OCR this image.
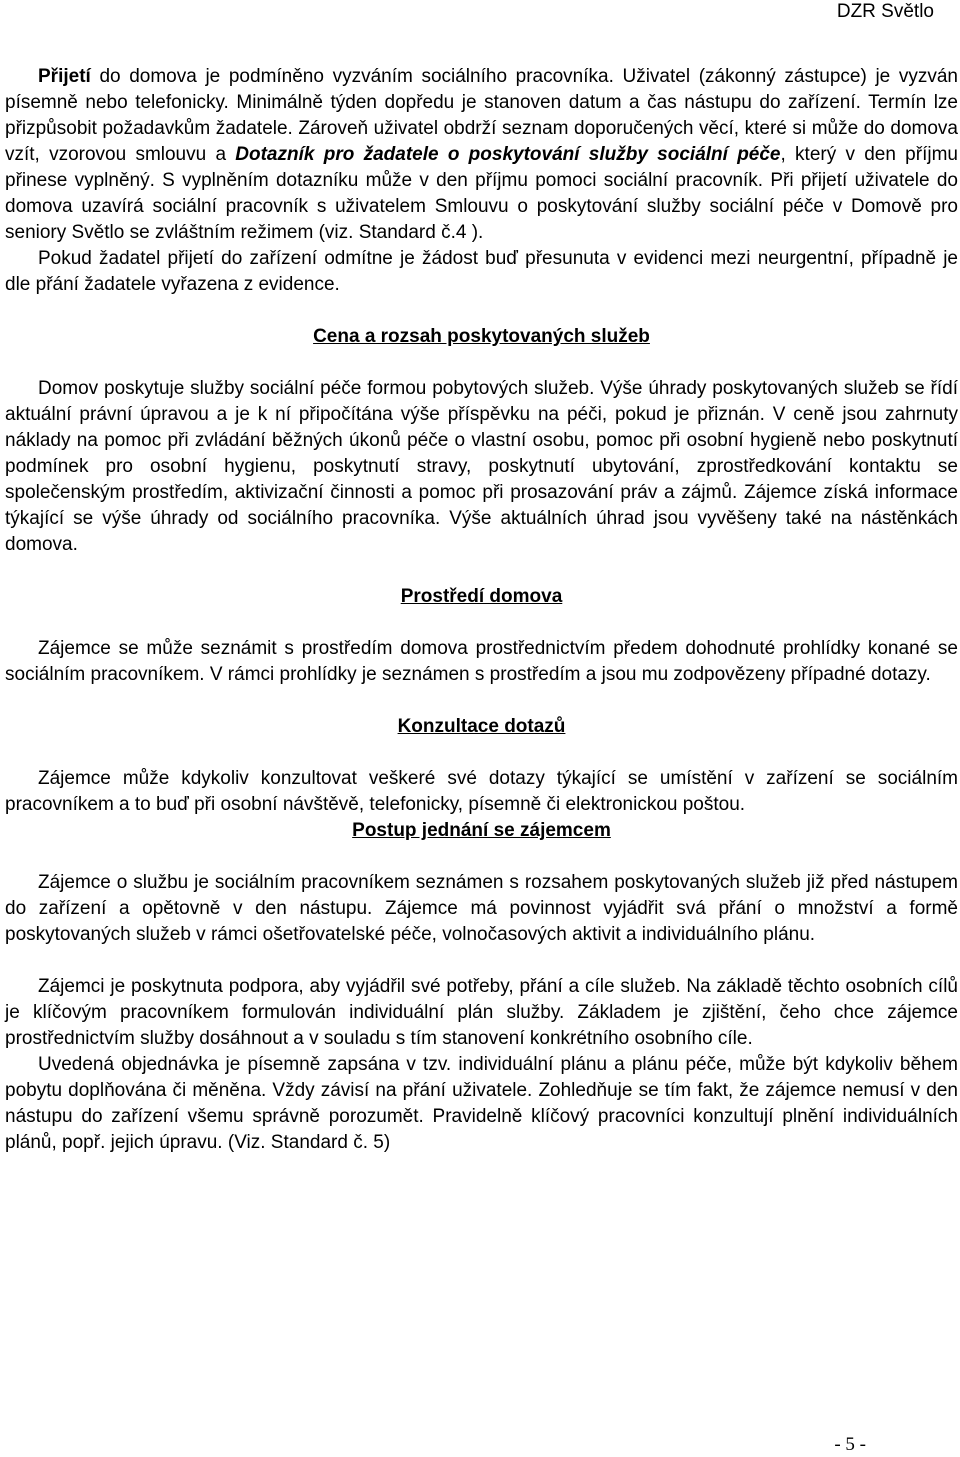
DZR Světlo

Přijetí do domova je podmíněno vyzváním sociálního pracovníka. Uživatel (zákonný zástupce) je vyzván písemně nebo telefonicky. Minimálně týden dopředu je stanoven datum a čas nástupu do zařízení. Termín lze přizpůsobit požadavkům žadatele. Zároveň uživatel obdrží seznam doporučených věcí, které si může do domova vzít, vzorovou smlouvu a Dotazník pro žadatele o poskytování služby sociální péče, který v den příjmu přinese vyplněný. S vyplněním dotazníku může v den příjmu pomoci sociální pracovník. Při přijetí uživatele do domova uzavírá sociální pracovník s uživatelem Smlouvu o poskytování služby sociální péče v Domově pro seniory Světlo se zvláštním režimem (viz. Standard č.4 ).

Pokud žadatel přijetí do zařízení odmítne je žádost buď přesunuta v evidenci mezi neurgentní, případně je dle přání žadatele vyřazena z evidence.

Cena a rozsah poskytovaných služeb

Domov poskytuje služby sociální péče formou pobytových služeb. Výše úhrady poskytovaných služeb se řídí aktuální právní úpravou a je k ní připočítána výše příspěvku na péči, pokud je přiznán. V ceně jsou zahrnuty náklady na pomoc při zvládání běžných úkonů péče o vlastní osobu, pomoc při osobní hygieně nebo poskytnutí podmínek pro osobní hygienu, poskytnutí stravy, poskytnutí ubytování, zprostředkování kontaktu se společenským prostředím, aktivizační činnosti a pomoc při prosazování práv a zájmů. Zájemce získá informace týkající se výše úhrady od sociálního pracovníka. Výše aktuálních úhrad jsou vyvěšeny také na nástěnkách domova.

Prostředí domova

Zájemce se může seznámit s prostředím domova prostřednictvím předem dohodnuté prohlídky konané se sociálním pracovníkem. V rámci prohlídky je seznámen s prostředím a jsou mu zodpovězeny případné dotazy.

Konzultace dotazů

Zájemce může kdykoliv konzultovat veškeré své dotazy týkající se umístění v zařízení se sociálním pracovníkem a to buď při osobní návštěvě, telefonicky, písemně či elektronickou poštou.

Postup jednání se zájemcem

Zájemce o službu je sociálním pracovníkem seznámen s rozsahem poskytovaných služeb již před nástupem do zařízení a opětovně v den nástupu. Zájemce má povinnost vyjádřit svá přání o množství a formě poskytovaných služeb v rámci ošetřovatelské péče, volnočasových aktivit a individuálního plánu.

Zájemci je poskytnuta podpora, aby vyjádřil své potřeby, přání a cíle služeb. Na základě těchto osobních cílů je klíčovým pracovníkem formulován individuální plán služby. Základem je zjištění, čeho chce zájemce prostřednictvím služby dosáhnout a v souladu s tím stanovení konkrétního osobního cíle.

Uvedená objednávka je písemně zapsána v tzv. individuální plánu a plánu péče, může být kdykoliv během pobytu doplňována či měněna. Vždy závisí na přání uživatele. Zohledňuje se tím fakt, že zájemce nemusí v den nástupu do zařízení všemu správně porozumět. Pravidelně klíčový pracovníci konzultují plnění individuálních plánů, popř. jejich úpravu. (Viz. Standard č. 5)

- 5 -
